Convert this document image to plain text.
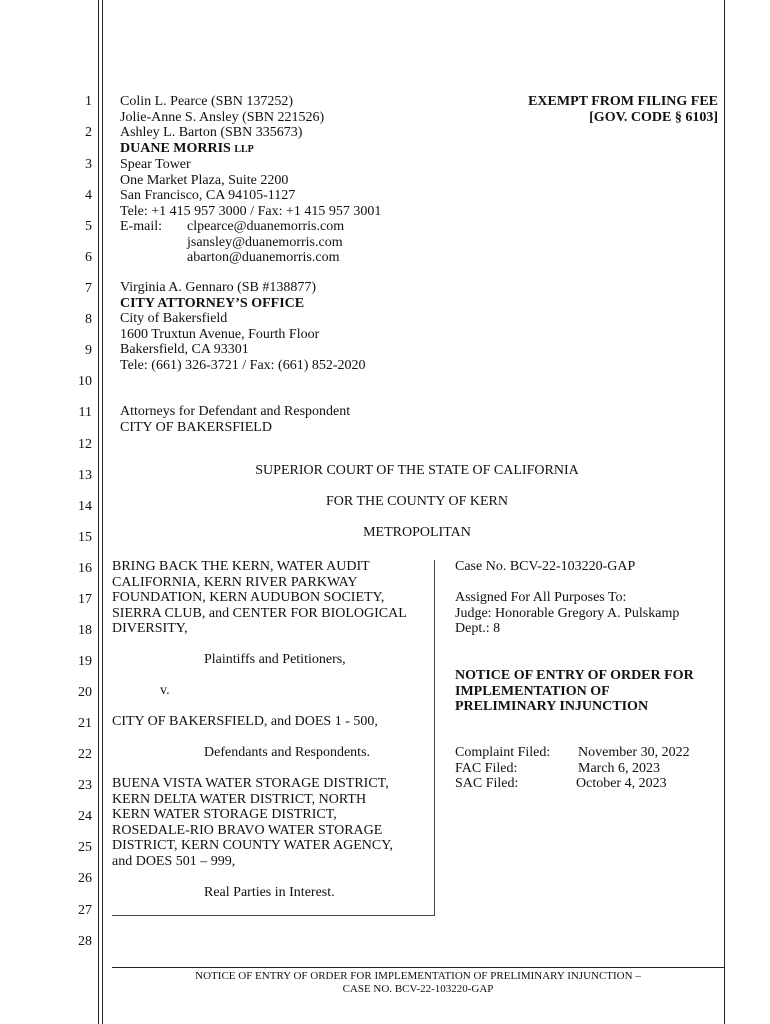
1
2
3
4
5
6
7
8
9
10
11
12
13
14
15
16
17
18
19
20
21
22
23
24
25
26
27
28
Colin L. Pearce (SBN 137252)
Jolie-Anne S. Ansley (SBN 221526)
Ashley L. Barton (SBN 335673)
DUANE MORRIS LLP
Spear Tower
One Market Plaza, Suite 2200
San Francisco, CA 94105-1127
Tele: +1 415 957 3000 / Fax: +1 415 957 3001
E-mail: clpearce@duanemorris.com
jsansley@duanemorris.com
abarton@duanemorris.com
EXEMPT FROM FILING FEE
[GOV. CODE § 6103]
Virginia A. Gennaro (SB #138877)
CITY ATTORNEY’S OFFICE
City of Bakersfield
1600 Truxtun Avenue, Fourth Floor
Bakersfield, CA 93301
Tele: (661) 326-3721 / Fax: (661) 852-2020
Attorneys for Defendant and Respondent
CITY OF BAKERSFIELD
SUPERIOR COURT OF THE STATE OF CALIFORNIA
FOR THE COUNTY OF KERN
METROPOLITAN
BRING BACK THE KERN, WATER AUDIT
CALIFORNIA, KERN RIVER PARKWAY
FOUNDATION, KERN AUDUBON SOCIETY,
SIERRA CLUB, and CENTER FOR BIOLOGICAL
DIVERSITY,
Plaintiffs and Petitioners,
v.
CITY OF BAKERSFIELD, and DOES 1 - 500,
Defendants and Respondents.
BUENA VISTA WATER STORAGE DISTRICT,
KERN DELTA WATER DISTRICT, NORTH
KERN WATER STORAGE DISTRICT,
ROSEDALE-RIO BRAVO WATER STORAGE
DISTRICT, KERN COUNTY WATER AGENCY,
and DOES 501 – 999,
Real Parties in Interest.
Case No. BCV-22-103220-GAP
Assigned For All Purposes To:
Judge: Honorable Gregory A. Pulskamp
Dept.: 8
NOTICE OF ENTRY OF ORDER FOR
IMPLEMENTATION OF
PRELIMINARY INJUNCTION
Complaint Filed: November 30, 2022
FAC Filed:	March 6, 2023
SAC Filed:	October 4, 2023
NOTICE OF ENTRY OF ORDER FOR IMPLEMENTATION OF PRELIMINARY INJUNCTION –
CASE NO. BCV-22-103220-GAP
